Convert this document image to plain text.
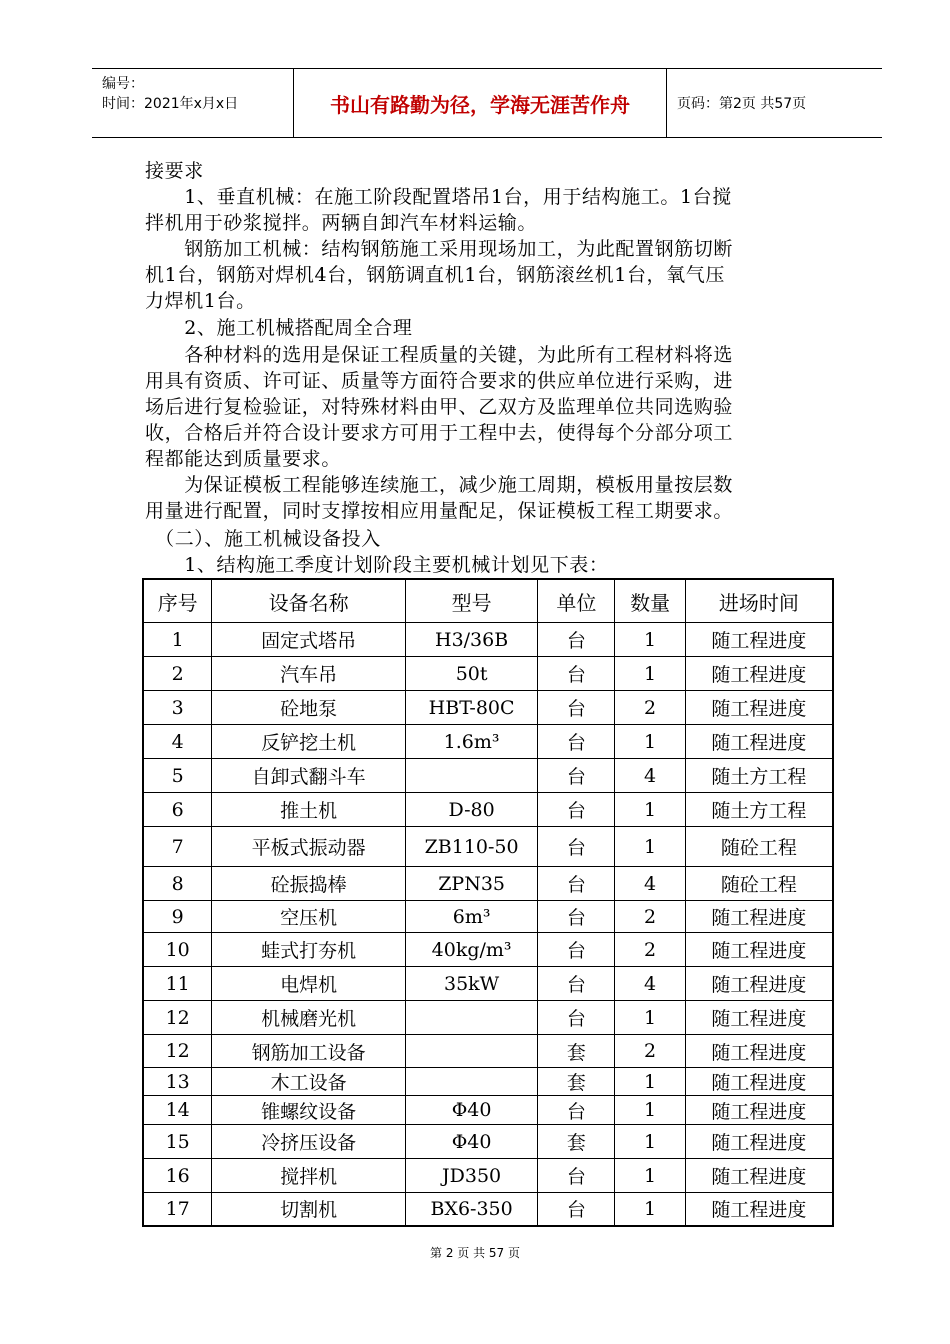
编号：
时间：2021年x月x日	书山有路勤为径，学海无涯苦作舟	页码：第2页 共57页
接要求
　　1、垂直机械：在施工阶段配置塔吊1台，用于结构施工。1台搅
拌机用于砂浆搅拌。两辆自卸汽车材料运输。
　　钢筋加工机械：结构钢筋施工采用现场加工，为此配置钢筋切断
机1台，钢筋对焊机4台，钢筋调直机1台，钢筋滚丝机1台，氧气压
力焊机1台。
　　2、施工机械搭配周全合理
　　各种材料的选用是保证工程质量的关键，为此所有工程材料将选
用具有资质、许可证、质量等方面符合要求的供应单位进行采购，进
场后进行复检验证，对特殊材料由甲、乙双方及监理单位共同选购验
收，合格后并符合设计要求方可用于工程中去，使得每个分部分项工
程都能达到质量要求。
　　为保证模板工程能够连续施工，减少施工周期，模板用量按层数
用量进行配置，同时支撑按相应用量配足，保证模板工程工期要求。
　（二）、施工机械设备投入
　　1、结构施工季度计划阶段主要机械计划见下表：
序号	设备名称	型号	单位	数量	进场时间
1	固定式塔吊	H3/36B	台	1	随工程进度
2	汽车吊	50t	台	1	随工程进度
3	砼地泵	HBT-80C	台	2	随工程进度
4	反铲挖土机	1.6m³	台	1	随工程进度
5	自卸式翻斗车		台	4	随土方工程
6	推土机	D-80	台	1	随土方工程
7	平板式振动器	ZB110-50	台	1	随砼工程
8	砼振捣棒	ZPN35	台	4	随砼工程
9	空压机	6m³	台	2	随工程进度
10	蛙式打夯机	40kg/m³	台	2	随工程进度
11	电焊机	35kW	台	4	随工程进度
12	机械磨光机		台	1	随工程进度
12	钢筋加工设备		套	2	随工程进度
13	木工设备		套	1	随工程进度
14	锥螺纹设备	Φ40	台	1	随工程进度
15	冷挤压设备	Φ40	套	1	随工程进度
16	搅拌机	JD350	台	1	随工程进度
17	切割机	BX6-350	台	1	随工程进度
第 2 页 共 57 页
